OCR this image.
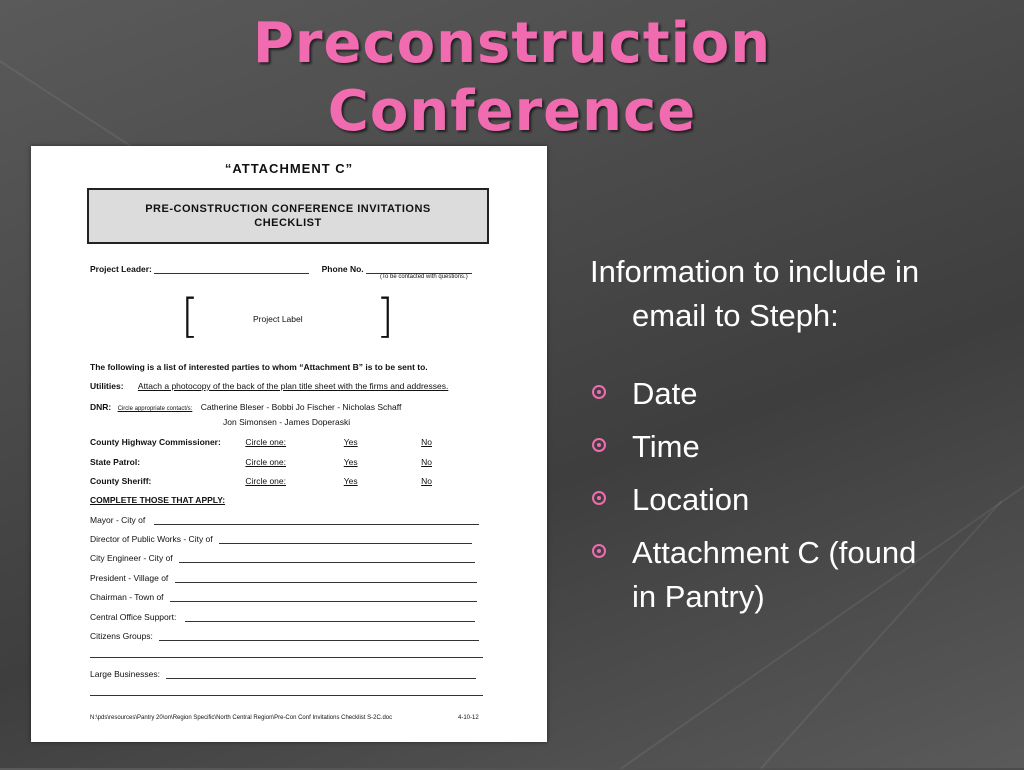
Preconstruction
Conference
“ATTACHMENT C”
PRE-CONSTRUCTION CONFERENCE INVITATIONS
CHECKLIST
Project Leader:	Phone No.
(To be contacted with questions.)
[	Project Label ]
The following is a list of interested parties to whom “Attachment B” is to be sent to.
Utilities: Attach a photocopy of the back of the plan title sheet with the firms and addresses.
DNR: Circle appropriate contact/s: Catherine Bleser - Bobbi Jo Fischer - Nicholas Schaff
Jon Simonsen - James Doperaski
County Highway Commissioner:	Circle one:	Yes	No
State Patrol:	Circle one:	Yes	No
County Sheriff:	Circle one:	Yes	No
COMPLETE THOSE THAT APPLY:
Mayor - City of
Director of Public Works - City of
City Engineer - City of
President - Village of
Chairman - Town of
Central Office Support:
Citizens Groups:
Large Businesses:
N:\pds\resources\Pantry 20\on\Region Specific\North Central Region\Pre-Con Conf Invitations Checklist S-2C.doc	4-10-12
Information to include in email to Steph:
Date
Time
Location
Attachment C (found in Pantry)
